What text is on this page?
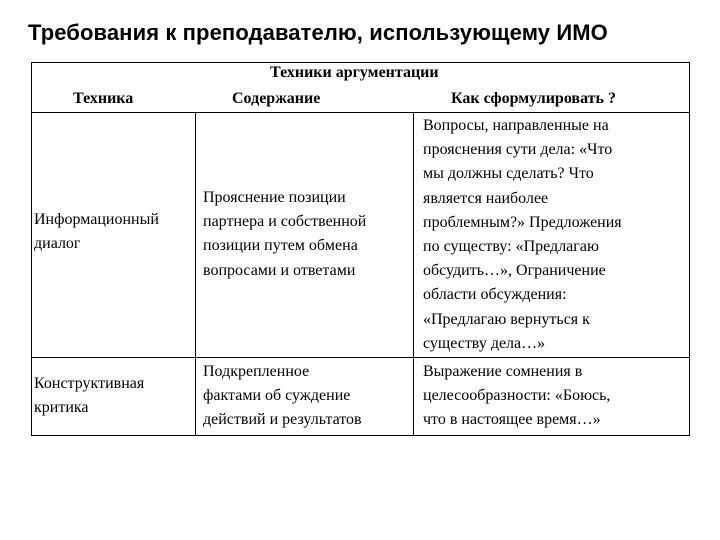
Требования к преподавателю, использующему ИМО
Техники аргументации
Техника	Содержание	Как сформулировать ?
Информационный
диалог
Прояснение позиции
партнера и собственной
позиции путем обмена
вопросами и ответами
Вопросы, направленные на
прояснения сути дела: «Что
мы должны сделать? Что
является наиболее
проблемным?» Предложения
по существу: «Предлагаю
обсудить…», Ограничение
области обсуждения:
«Предлагаю вернуться к
существу дела…»
Конструктивная
критика
Подкрепленное
фактами об суждение
действий и результатов
Выражение сомнения в
целесообразности: «Боюсь,
что в настоящее время…»
